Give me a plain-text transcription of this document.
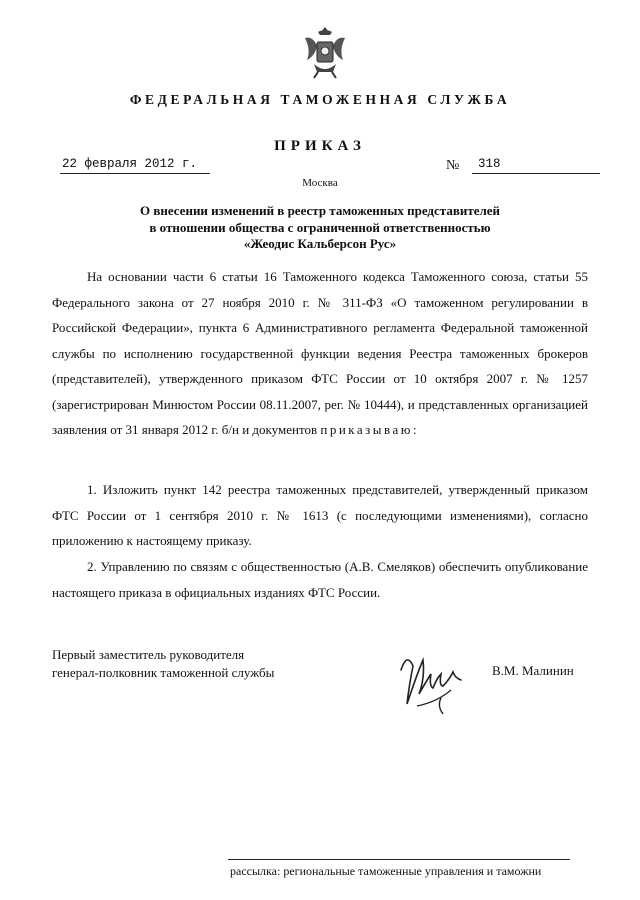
ФЕДЕРАЛЬНАЯ ТАМОЖЕННАЯ СЛУЖБА
ПРИКАЗ
22 февраля 2012 г.	№	318
Москва
О внесении изменений в реестр таможенных представителей
в отношении общества с ограниченной ответственностью
«Жеодис Кальберсон Рус»

На основании части 6 статьи 16 Таможенного кодекса Таможенного союза, статьи 55 Федерального закона от 27 ноября 2010 г. № 311-ФЗ «О таможенном регулировании в Российской Федерации», пункта 6 Административного регламента Федеральной таможенной службы по исполнению государственной функции ведения Реестра таможенных брокеров (представителей), утвержденного приказом ФТС России от 10 октября 2007 г. № 1257 (зарегистрирован Минюстом России 08.11.2007, рег. № 10444), и представленных организацией заявления от 31 января 2012 г. б/н и документов приказываю:

1. Изложить пункт 142 реестра таможенных представителей, утвержденный приказом ФТС России от 1 сентября 2010 г. № 1613 (с последующими изменениями), согласно приложению к настоящему приказу.

2. Управлению по связям с общественностью (А.В. Смеляков) обеспечить опубликование настоящего приказа в официальных изданиях ФТС России.

Первый заместитель руководителя
генерал-полковник таможенной службы	В.М. Малинин
рассылка: региональные таможенные управления и таможни
